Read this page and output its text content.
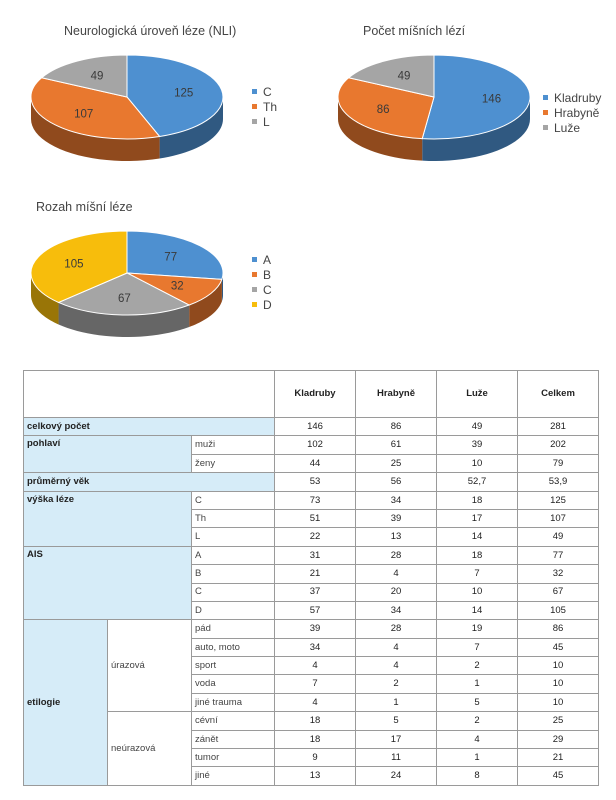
Neurologická úroveň léze (NLI)
125
107
49
C
Th
L
Počet míšních lézí
146
86
49
Kladruby
Hrabyně
Luže
Rozah míšní léze
77
32
67
105	A
B
C
D
			Kladruby	Hrabyně	Luže	Celkem
celkový počet			146	86	49	281
pohlaví		muži	102	61	39	202
		ženy	44	25	10	79
průměrný věk			53	56	52,7	53,9
výška léze		C	73	34	18	125
		Th	51	39	17	107
		L	22	13	14	49
AIS		A	31	28	18	77
		B	21	4	7	32
		C	37	20	10	67
		D	57	34	14	105
etilogie	úrazová	pád	39	28	19	86
		auto, moto	34	4	7	45
		sport	4	4	2	10
		voda	7	2	1	10
		jiné trauma	4	1	5	10
	neúrazová	cévní	18	5	2	25
		zánět	18	17	4	29
		tumor	9	11	1	21
		jiné	13	24	8	45
